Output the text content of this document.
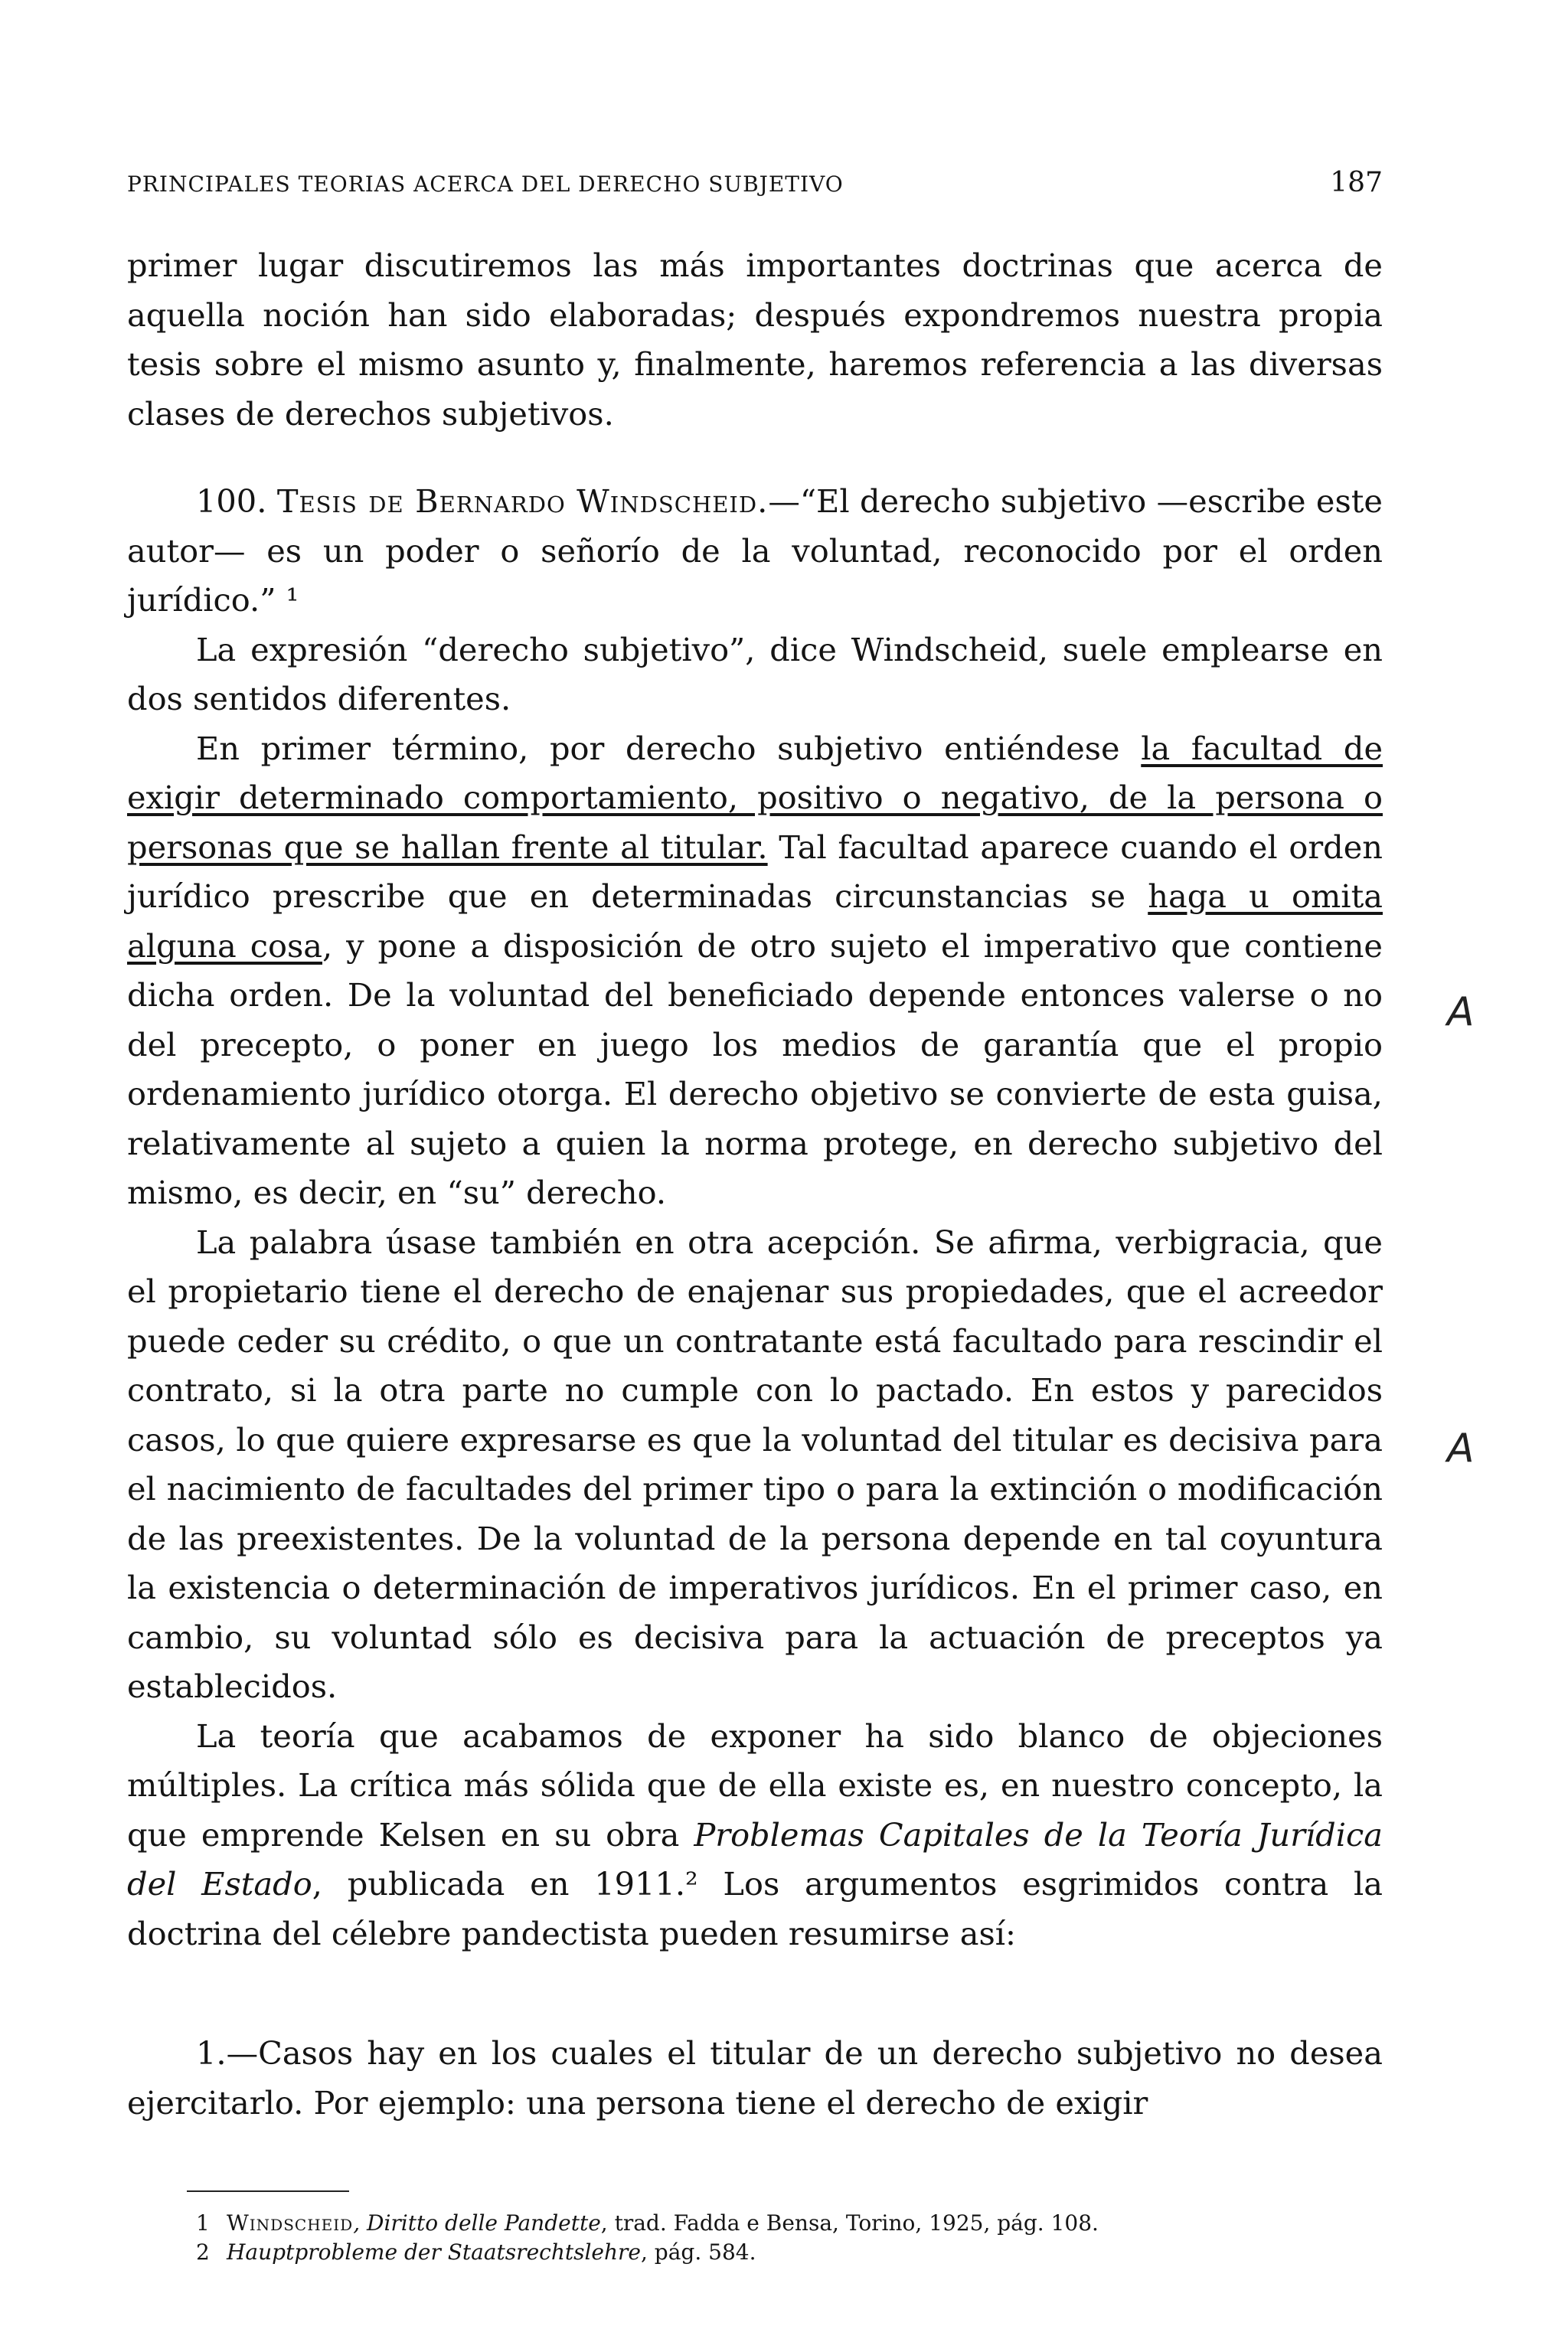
PRINCIPALES TEORIAS ACERCA DEL DERECHO SUBJETIVO	187

primer lugar discutiremos las más importantes doctrinas que acerca de aquella noción han sido elaboradas; después expondremos nuestra propia tesis sobre el mismo asunto y, finalmente, haremos referencia a las diversas clases de derechos subjetivos.

100. Tesis de Bernardo Windscheid.—“El derecho subjetivo —escribe este autor— es un poder o señorío de la voluntad, reconocido por el orden jurídico.” ¹

La expresión “derecho subjetivo”, dice Windscheid, suele emplearse en dos sentidos diferentes.

En primer término, por derecho subjetivo entiéndese la facultad de exigir determinado comportamiento, positivo o negativo, de la persona o personas que se hallan frente al titular. Tal facultad aparece cuando el orden jurídico prescribe que en determinadas circunstancias se haga u omita alguna cosa, y pone a disposición de otro sujeto el imperativo que contiene dicha orden. De la voluntad del beneficiado depende entonces valerse o no del precepto, o poner en juego los medios de garantía que el propio ordenamiento jurídico otorga. El derecho objetivo se convierte de esta guisa, relativamente al sujeto a quien la norma protege, en derecho subjetivo del mismo, es decir, en “su” derecho.

La palabra úsase también en otra acepción. Se afirma, verbigracia, que el propietario tiene el derecho de enajenar sus propiedades, que el acreedor puede ceder su crédito, o que un contratante está facultado para rescindir el contrato, si la otra parte no cumple con lo pactado. En estos y parecidos casos, lo que quiere expresarse es que la voluntad del titular es decisiva para el nacimiento de facultades del primer tipo o para la extinción o modificación de las preexistentes. De la voluntad de la persona depende en tal coyuntura la existencia o determinación de imperativos jurídicos. En el primer caso, en cambio, su voluntad sólo es decisiva para la actuación de preceptos ya establecidos.

La teoría que acabamos de exponer ha sido blanco de objeciones múltiples. La crítica más sólida que de ella existe es, en nuestro concepto, la que emprende Kelsen en su obra Problemas Capitales de la Teoría Jurídica del Estado, publicada en 1911.² Los argumentos esgrimidos contra la doctrina del célebre pandectista pueden resumirse así:

1.—Casos hay en los cuales el titular de un derecho subjetivo no desea ejercitarlo. Por ejemplo: una persona tiene el derecho de exigir

1 Windscheid, Diritto delle Pandette, trad. Fadda e Bensa, Torino, 1925, pág. 108.
2 Hauptprobleme der Staatsrechtslehre, pág. 584.
A
A
